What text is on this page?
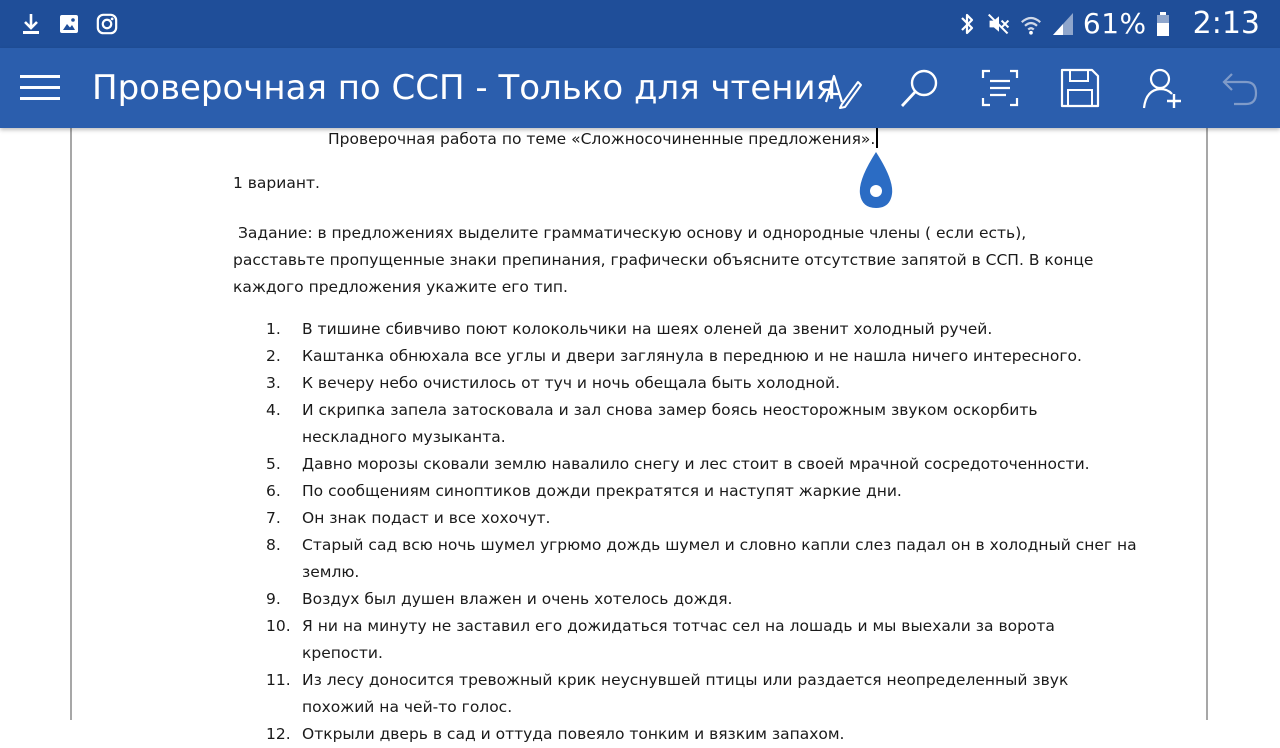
61% 2:13
Проверочная по ССП - Только для чтения
Проверочная работа по теме «Сложносочиненные предложения».
1 вариант.
Задание: в предложениях выделите грамматическую основу и однородные члены ( если есть), расставьте пропущенные знаки препинания, графически объясните отсутствие запятой в ССП. В конце каждого предложения укажите его тип.
1.	В тишине сбивчиво поют колокольчики на шеях оленей да звенит холодный ручей.
2.	Каштанка обнюхала все углы и двери заглянула в переднюю и не нашла ничего интересного.
3.	К вечеру небо очистилось от туч и ночь обещала быть холодной.
4.	И скрипка запела затосковала и зал снова замер боясь неосторожным звуком оскорбить нескладного музыканта.
5.	Давно морозы сковали землю навалило снегу и лес стоит в своей мрачной сосредоточенности.
6.	По сообщениям синоптиков дожди прекратятся и наступят жаркие дни.
7.	Он знак подаст и все хохочут.
8.	Старый сад всю ночь шумел угрюмо дождь шумел и словно капли слез падал он в холодный снег на землю.
9.	Воздух был душен влажен и очень хотелось дождя.
10. Я ни на минуту не заставил его дожидаться тотчас сел на лошадь и мы выехали за ворота крепости.
11. Из лесу доносится тревожный крик неуснувшей птицы или раздается неопределенный звук похожий на чей-то голос.
12. Открыли дверь в сад и оттуда повеяло тонким и вязким запахом.
